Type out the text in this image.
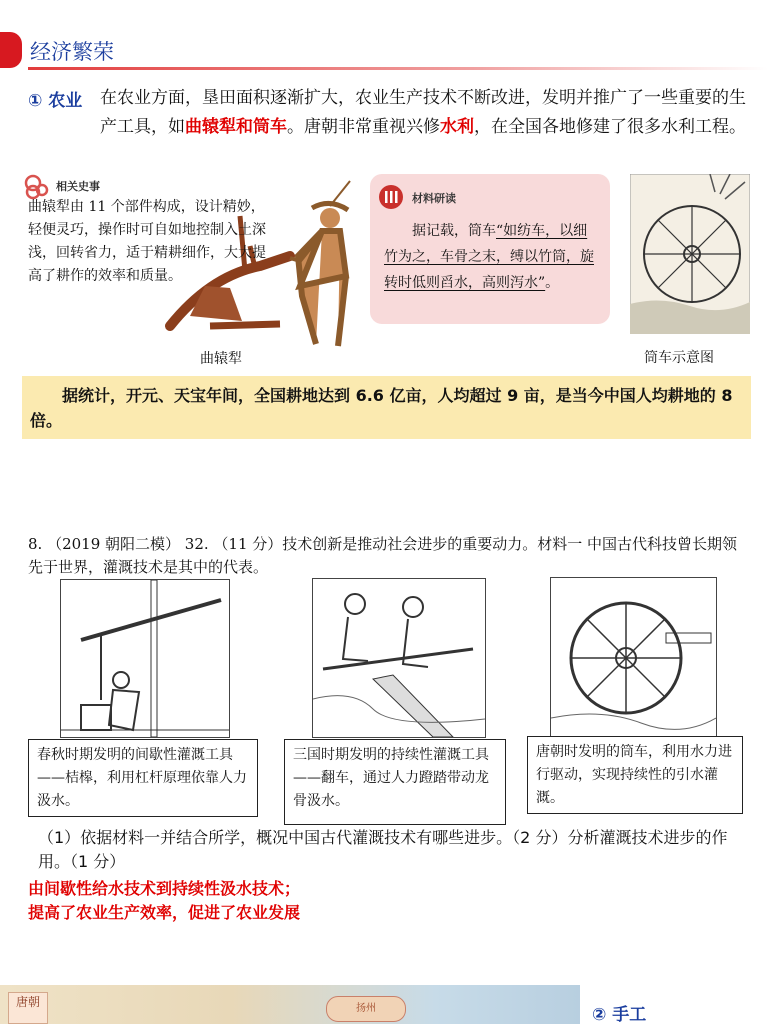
经济繁荣
① 农业 在农业方面，垦田面积逐渐扩大，农业生产技术不断改进，发明并推广了一些重要的生产工具，如曲辕犁和筒车。唐朝非常重视兴修水利，在全国各地修建了很多水利工程。
相关史事
曲辕犁由 11 个部件构成，设计精妙，轻便灵巧，操作时可自如地控制入土深浅，回转省力，适于精耕细作，大大提高了耕作的效率和质量。
曲辕犁
材料研读
　　据记载，筒车“如纺车，以细竹为之，车骨之末，缚以竹筒，旋转时低则舀水，高则泻水”。
筒车示意图
　　据统计，开元、天宝年间，全国耕地达到 6.6 亿亩，人均超过 9 亩，是当今中国人均耕地的 8 倍。
8. （2019 朝阳二模） 32. （11 分）技术创新是推动社会进步的重要动力。材料一 中国古代科技曾长期领先于世界，灌溉技术是其中的代表。
春秋时期发明的间歇性灌溉工具——桔槔，利用杠杆原理依靠人力汲水。
三国时期发明的持续性灌溉工具——翻车，通过人力蹬踏带动龙骨汲水。
唐朝时发明的筒车，利用水力进行驱动，实现持续性的引水灌溉。
（1）依据材料一并结合所学，概况中国古代灌溉技术有哪些进步。（2 分）分析灌溉技术进步的作用。（1 分）
由间歇性给水技术到持续性汲水技术；
提高了农业生产效率，促进了农业发展
唐朝	扬州	② 手工
